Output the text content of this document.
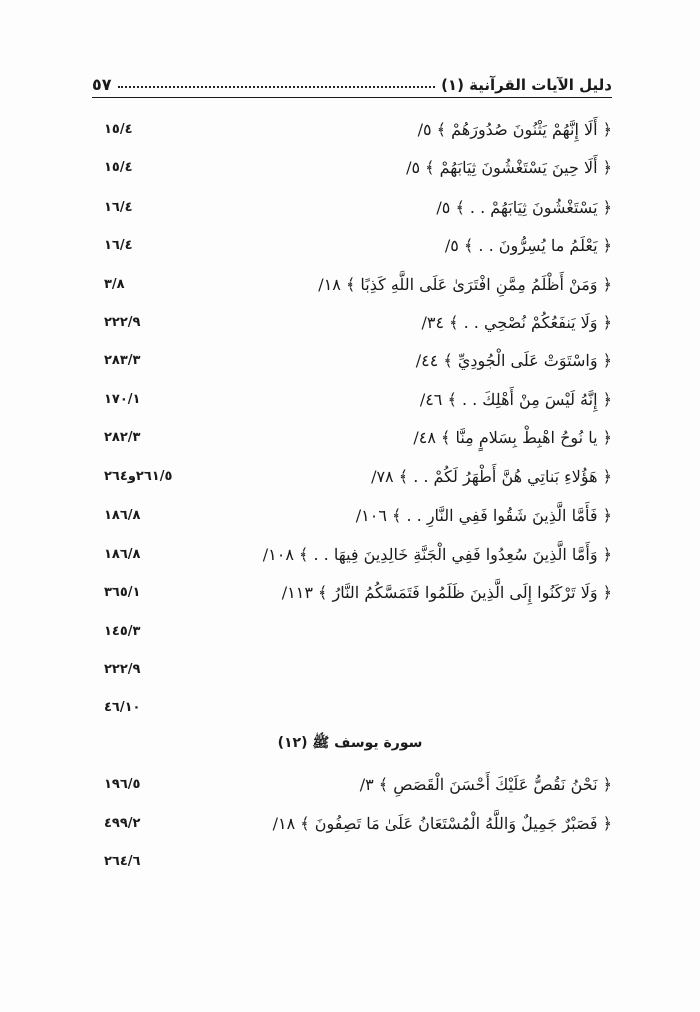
دليل الآيات القرآنية (١)
٥٧
﴿ أَلَا إِنَّهُمْ يَثْنُونَ صُدُورَهُمْ ﴾ ٥/
١٥/٤
﴿ أَلَا حِينَ يَسْتَغْشُونَ ثِيَابَهُمْ ﴾ ٥/
١٥/٤
﴿ يَسْتَغْشُونَ ثِيَابَهُمْ . . ﴾ ٥/
١٦/٤
﴿ يَعْلَمُ ما يُسِرُّونَ . . ﴾ ٥/
١٦/٤
﴿ وَمَنْ أَظْلَمُ مِمَّنِ افْتَرَىٰ عَلَى اللَّهِ كَذِبًا ﴾ ١٨/
٣/٨
﴿ وَلَا يَنفَعُكُمْ نُصْحِي . . ﴾ ٣٤/
٢٢٢/٩
﴿ وَاسْتَوَتْ عَلَى الْجُودِيِّ ﴾ ٤٤/
٢٨٣/٣
﴿ إِنَّهُ لَيْسَ مِنْ أَهْلِكَ . . ﴾ ٤٦/
١٧٠/١
﴿ يا نُوحُ اهْبِطْ بِسَلامٍ مِنَّا ﴾ ٤٨/
٢٨٢/٣
﴿ هَؤُلاءِ بَناتِي هُنَّ أَطْهَرُ لَكُمْ . . ﴾ ٧٨/
٢٦١/٥و٢٦٤
﴿ فَأَمَّا الَّذِينَ شَقُوا فَفِي النَّارِ . . ﴾ ١٠٦/
١٨٦/٨
﴿ وَأَمَّا الَّذِينَ سُعِدُوا فَفِي الْجَنَّةِ خَالِدِينَ فِيهَا . . ﴾ ١٠٨/
١٨٦/٨
﴿ وَلَا تَرْكَنُوا إِلَى الَّذِينَ ظَلَمُوا فَتَمَسَّكُمُ النَّارُ ﴾ ١١٣/
٣٦٥/١
١٤٥/٣
٢٢٢/٩
٤٦/١٠
سورة يوسف ﷺ (١٢)
﴿ نَحْنُ نَقُصُّ عَلَيْكَ أَحْسَنَ الْقَصَصِ ﴾ ٣/
١٩٦/٥
﴿ فَصَبْرٌ جَمِيلٌ وَاللَّهُ الْمُسْتَعَانُ عَلَىٰ مَا تَصِفُونَ ﴾ ١٨/
٤٩٩/٢
٢٦٤/٦
